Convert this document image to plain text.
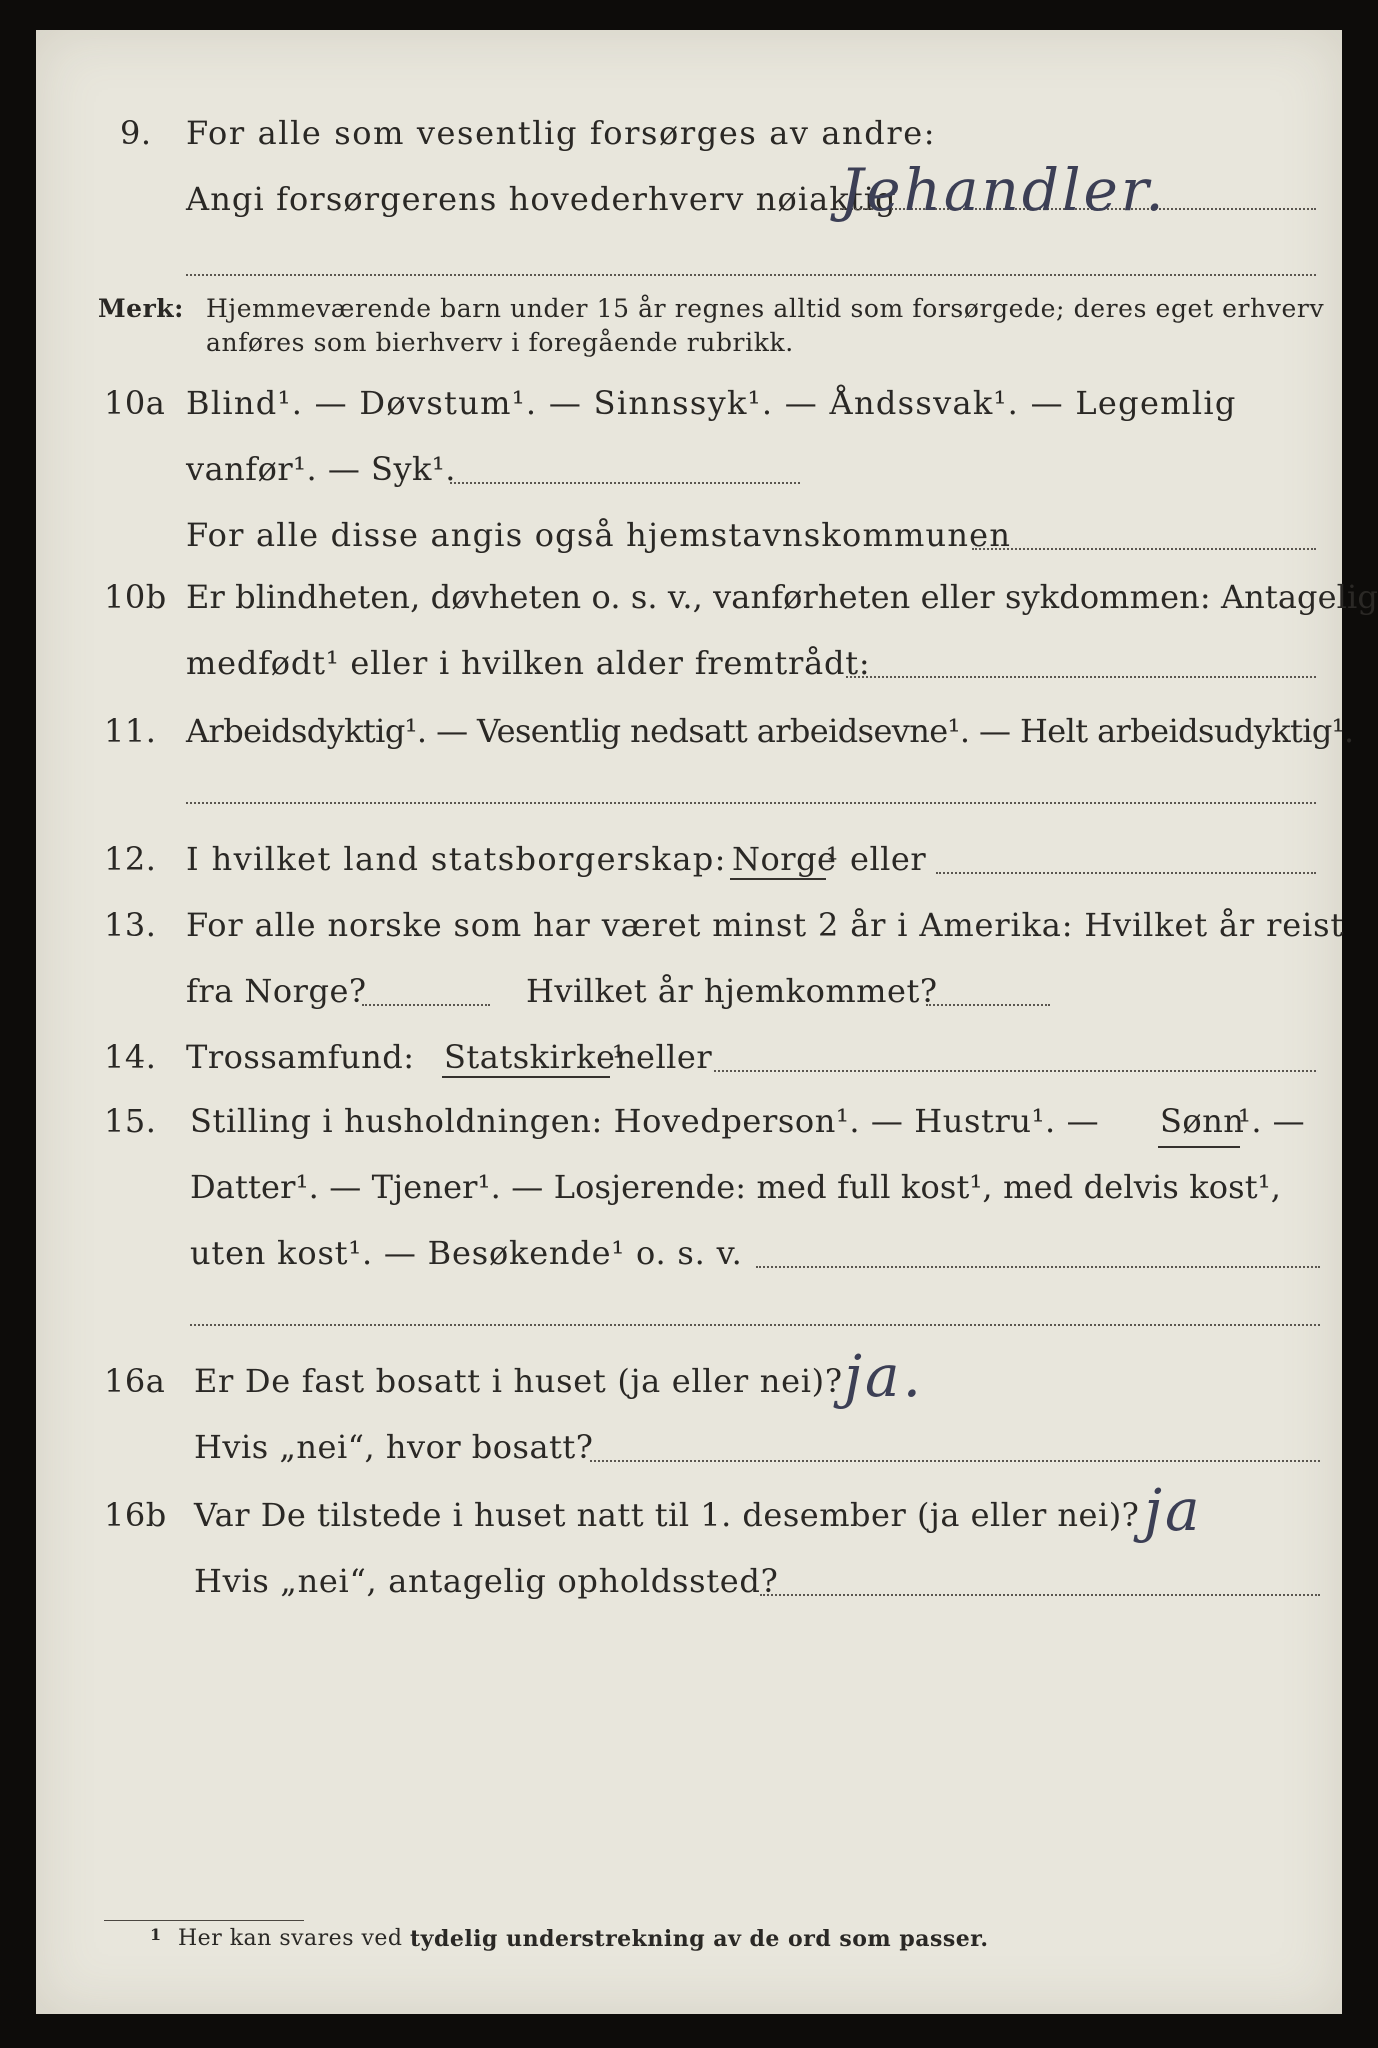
9. For alle som vesentlig forsørges av andre:
Angi forsørgerens hovederhverv nøiaktig
Jehandler.
Merk: Hjemmeværende barn under 15 år regnes alltid som forsørgede; deres eget erhverv
anføres som bierhverv i foregående rubrikk.
10a Blind¹. — Døvstum¹. — Sinnssyk¹. — Åndssvak¹. — Legemlig
vanfør¹. — Syk¹.
For alle disse angis også hjemstavnskommunen
10b Er blindheten, døvheten o. s. v., vanførheten eller sykdommen: Antagelig
medfødt¹ eller i hvilken alder fremtrådt:
11. Arbeidsdyktig¹. — Vesentlig nedsatt arbeidsevne¹. — Helt arbeidsudyktig¹.
12. I hvilket land statsborgerskap: Norge
¹ eller
13. For alle norske som har været minst 2 år i Amerika: Hvilket år reist
fra Norge?	Hvilket år hjemkommet?
14. Trossamfund: Statskirken
¹ eller
15. Stilling i husholdningen: Hovedperson¹. — Hustru¹. — Sønn
¹. —
Datter¹. — Tjener¹. — Losjerende: med full kost¹, med delvis kost¹,
uten kost¹. — Besøkende¹ o. s. v.
16a Er De fast bosatt i huset (ja eller nei)? ja.
Hvis „nei“, hvor bosatt?
16b Var De tilstede i huset natt til 1. desember (ja eller nei)? ja
Hvis „nei“, antagelig opholdssted?
1 Her kan svares ved tydelig understrekning av de ord som passer.
